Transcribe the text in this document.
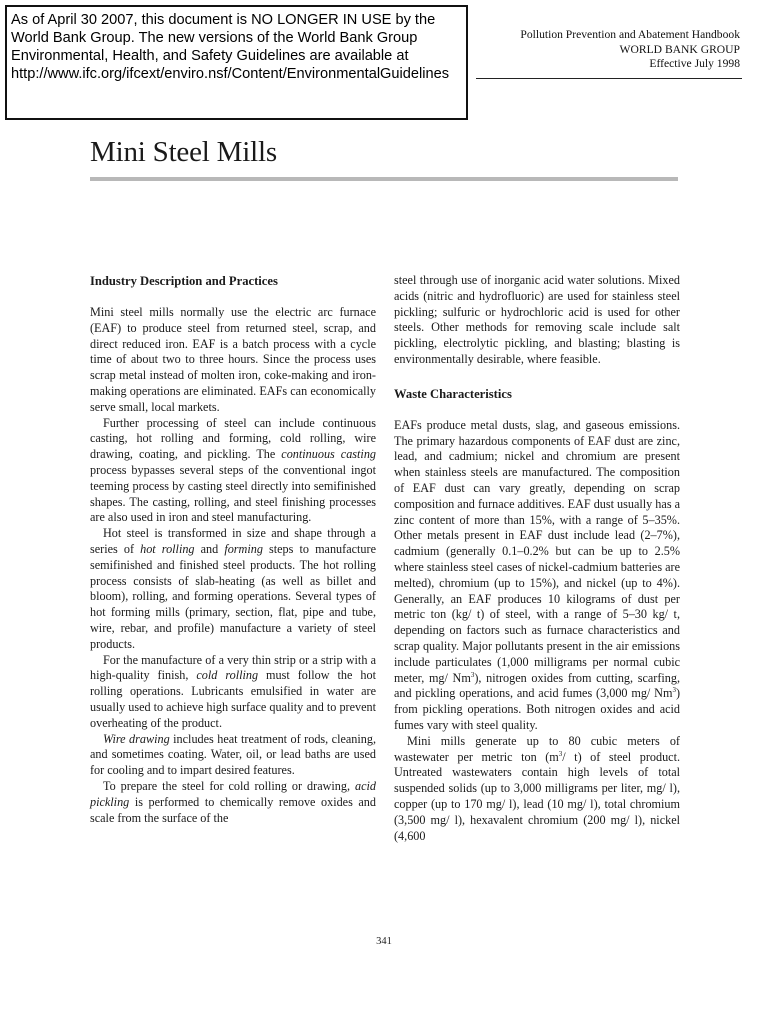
As of April 30 2007, this document is NO LONGER IN USE by the World Bank Group. The new versions of the World Bank Group Environmental, Health, and Safety Guidelines are available at http://www.ifc.org/ifcext/enviro.nsf/Content/EnvironmentalGuidelines
Pollution Prevention and Abatement Handbook
WORLD BANK GROUP
Effective July 1998
Mini Steel Mills
Industry Description and Practices

Mini steel mills normally use the electric arc furnace (EAF) to produce steel from returned steel, scrap, and direct reduced iron. EAF is a batch process with a cycle time of about two to three hours. Since the process uses scrap metal instead of molten iron, coke-making and iron-making operations are eliminated. EAFs can economically serve small, local markets.

Further processing of steel can include continuous casting, hot rolling and forming, cold rolling, wire drawing, coating, and pickling. The continuous casting process bypasses several steps of the conventional ingot teeming process by casting steel directly into semifinished shapes. The casting, rolling, and steel finishing processes are also used in iron and steel manufacturing.

Hot steel is transformed in size and shape through a series of hot rolling and forming steps to manufacture semifinished and finished steel products. The hot rolling process consists of slab-heating (as well as billet and bloom), rolling, and forming operations. Several types of hot forming mills (primary, section, flat, pipe and tube, wire, rebar, and profile) manufacture a variety of steel products.

For the manufacture of a very thin strip or a strip with a high-quality finish, cold rolling must follow the hot rolling operations. Lubricants emulsified in water are usually used to achieve high surface quality and to prevent overheating of the product.

Wire drawing includes heat treatment of rods, cleaning, and sometimes coating. Water, oil, or lead baths are used for cooling and to impart desired features.

To prepare the steel for cold rolling or drawing, acid pickling is performed to chemically remove oxides and scale from the surface of the

steel through use of inorganic acid water solutions. Mixed acids (nitric and hydrofluoric) are used for stainless steel pickling; sulfuric or hydrochloric acid is used for other steels. Other methods for removing scale include salt pickling, electrolytic pickling, and blasting; blasting is environmentally desirable, where feasible.

Waste Characteristics

EAFs produce metal dusts, slag, and gaseous emissions. The primary hazardous components of EAF dust are zinc, lead, and cadmium; nickel and chromium are present when stainless steels are manufactured. The composition of EAF dust can vary greatly, depending on scrap composition and furnace additives. EAF dust usually has a zinc content of more than 15%, with a range of 5–35%. Other metals present in EAF dust include lead (2–7%), cadmium (generally 0.1–0.2% but can be up to 2.5% where stainless steel cases of nickel-cadmium batteries are melted), chromium (up to 15%), and nickel (up to 4%). Generally, an EAF produces 10 kilograms of dust per metric ton (kg/ t) of steel, with a range of 5–30 kg/ t, depending on factors such as furnace characteristics and scrap quality. Major pollutants present in the air emissions include particulates (1,000 milligrams per normal cubic meter, mg/ Nm$^3$), nitrogen oxides from cutting, scarfing, and pickling operations, and acid fumes (3,000 mg/ Nm$^3$) from pickling operations. Both nitrogen oxides and acid fumes vary with steel quality.

Mini mills generate up to 80 cubic meters of wastewater per metric ton ($m^3/$ t) of steel product. Untreated wastewaters contain high levels of total suspended solids (up to 3,000 milligrams per liter, mg/ l), copper (up to 170 mg/ l), lead (10 mg/ l), total chromium (3,500 mg/ l), hexavalent chromium (200 mg/ l), nickel (4,600

341
